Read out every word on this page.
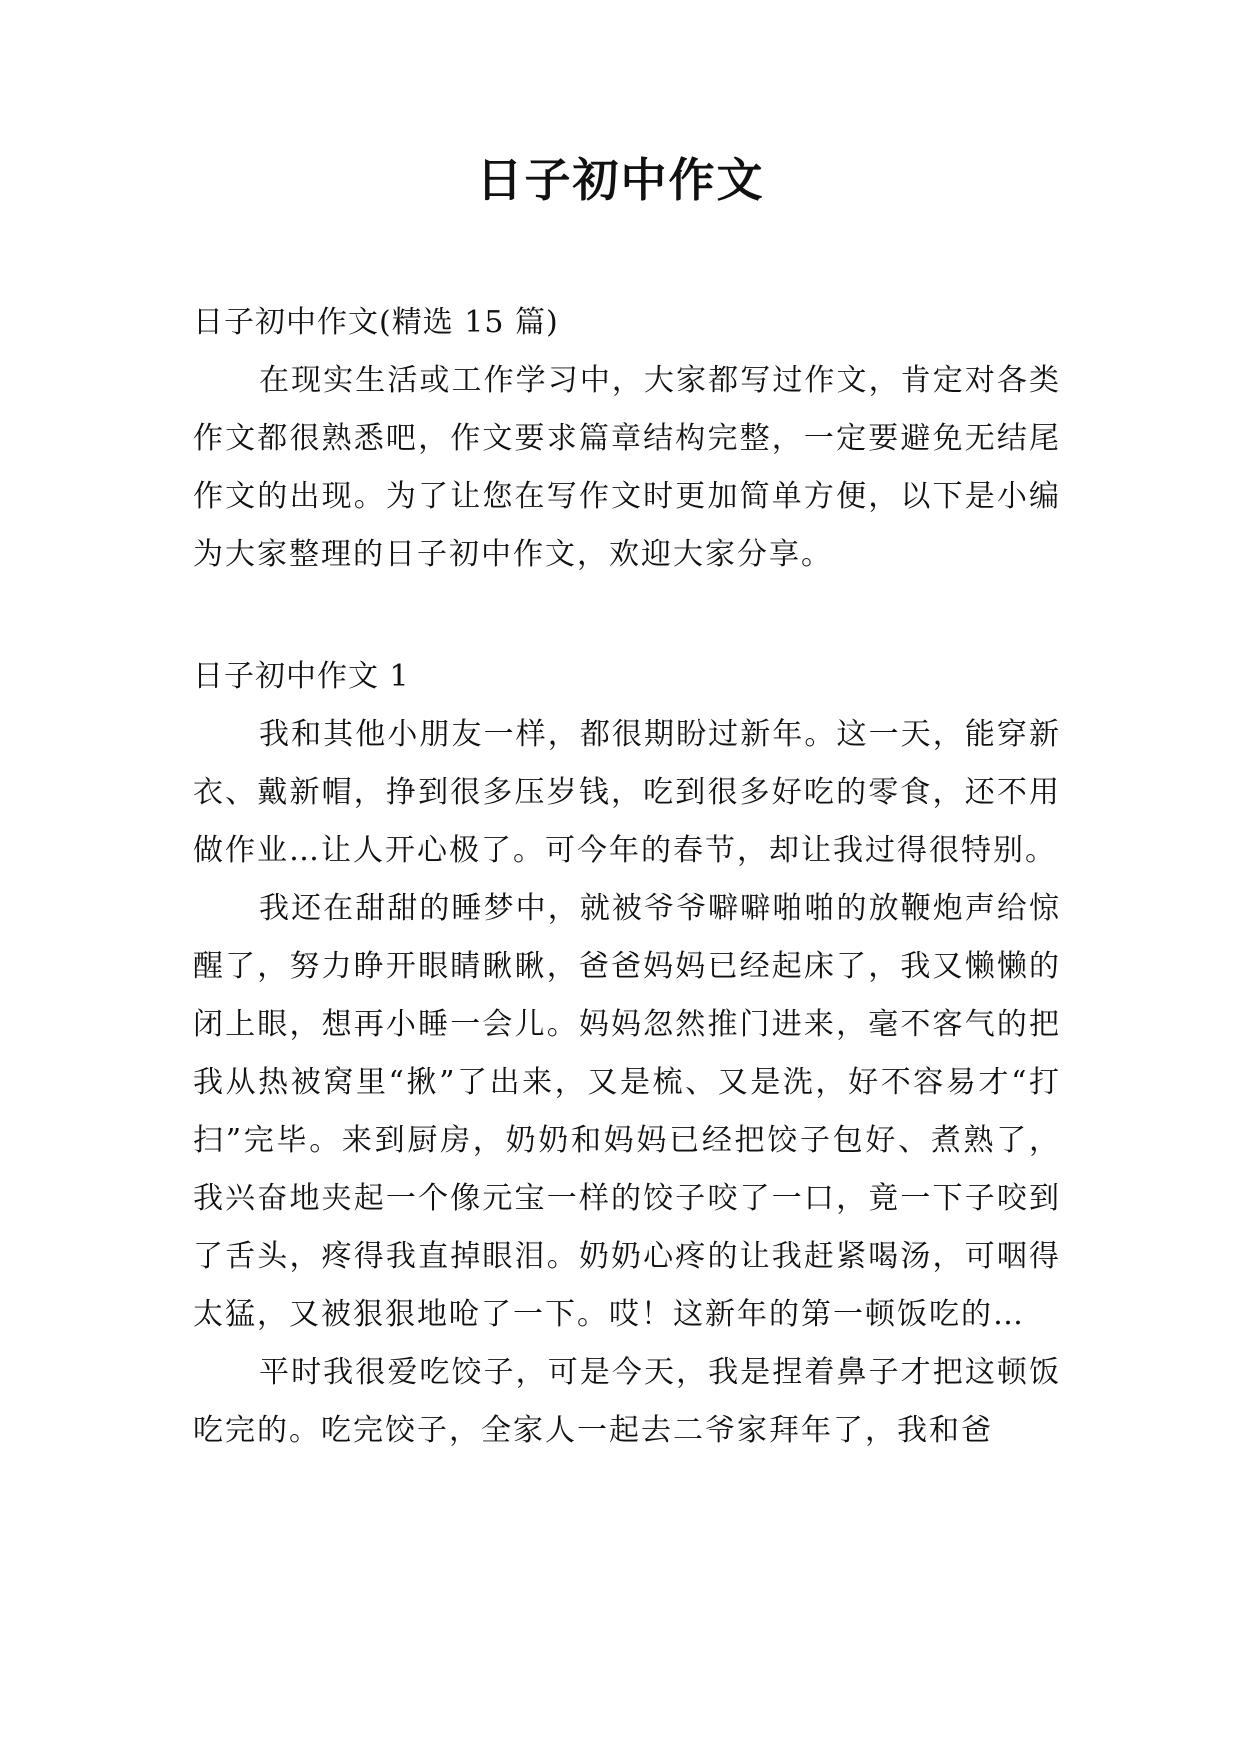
日子初中作文

日子初中作文(精选 15 篇)

在现实生活或工作学习中，大家都写过作文，肯定对各类作文都很熟悉吧，作文要求篇章结构完整，一定要避免无结尾作文的出现。为了让您在写作文时更加简单方便，以下是小编为大家整理的日子初中作文，欢迎大家分享。

日子初中作文 1

我和其他小朋友一样，都很期盼过新年。这一天，能穿新衣、戴新帽，挣到很多压岁钱，吃到很多好吃的零食，还不用做作业…让人开心极了。可今年的春节，却让我过得很特别。

我还在甜甜的睡梦中，就被爷爷噼噼啪啪的放鞭炮声给惊醒了，努力睁开眼睛瞅瞅，爸爸妈妈已经起床了，我又懒懒的闭上眼，想再小睡一会儿。妈妈忽然推门进来，毫不客气的把我从热被窝里“揪”了出来，又是梳、又是洗，好不容易才“打扫”完毕。来到厨房，奶奶和妈妈已经把饺子包好、煮熟了，我兴奋地夹起一个像元宝一样的饺子咬了一口，竟一下子咬到了舌头，疼得我直掉眼泪。奶奶心疼的让我赶紧喝汤，可咽得太猛，又被狠狠地呛了一下。哎！这新年的第一顿饭吃的…

平时我很爱吃饺子，可是今天，我是捏着鼻子才把这顿饭吃完的。吃完饺子，全家人一起去二爷家拜年了，我和爸
